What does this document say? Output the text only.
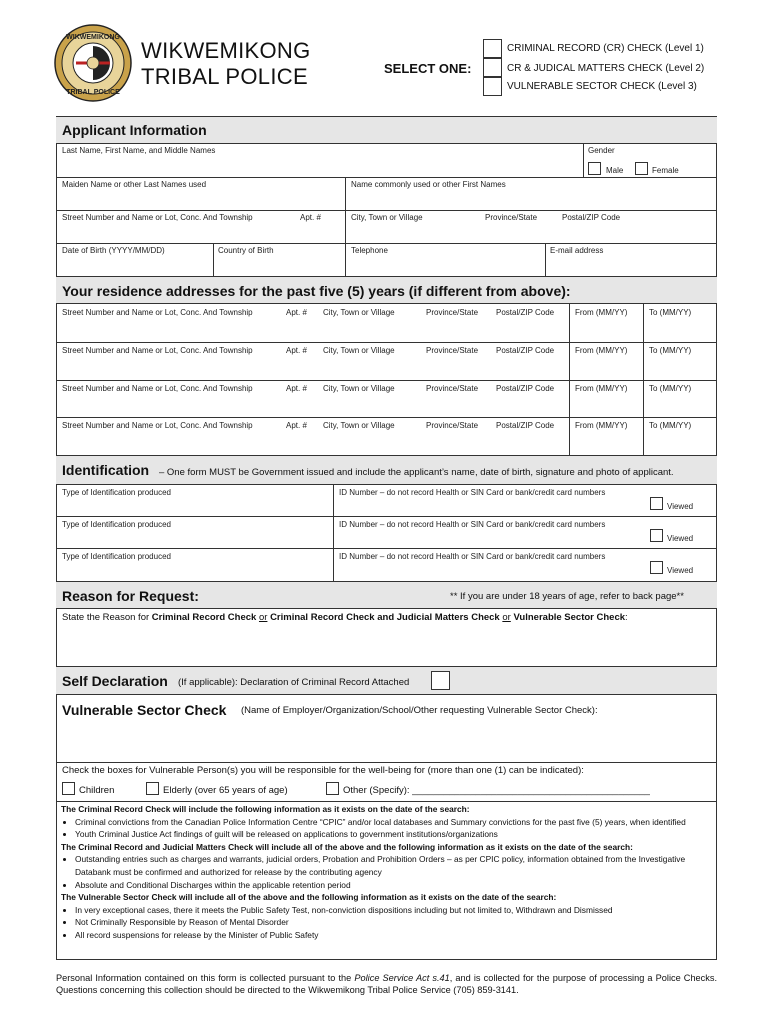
WIKWEMIKONG
TRIBAL POLICE
WIKWEMIKONG
TRIBAL POLICE	SELECT ONE:
CRIMINAL RECORD (CR) CHECK (Level 1)
CR & JUDICAL MATTERS CHECK (Level 2)
VULNERABLE SECTOR CHECK (Level 3)
Applicant Information
Last Name, First Name, and Middle Names	Gender
Male	Female
Maiden Name or other Last Names used	Name commonly used or other First Names
Street Number and Name or Lot, Conc. And Township	Apt. #	City, Town or Village	Province/State	Postal/ZIP Code
Date of Birth (YYYY/MM/DD)	Country of Birth	Telephone	E-mail address
Your residence addresses for the past five (5) years (if different from above):
Street Number and Name or Lot, Conc. And Township	Apt. # City, Town or Village	Province/State Postal/ZIP Code	From (MM/YY)	To (MM/YY)
Street Number and Name or Lot, Conc. And Township	Apt. # City, Town or Village	Province/State Postal/ZIP Code	From (MM/YY)	To (MM/YY)
Street Number and Name or Lot, Conc. And Township	Apt. # City, Town or Village	Province/State Postal/ZIP Code	From (MM/YY)	To (MM/YY)
Street Number and Name or Lot, Conc. And Township	Apt. # City, Town or Village	Province/State Postal/ZIP Code	From (MM/YY)	To (MM/YY)
Identification – One form MUST be Government issued and include the applicant’s name, date of birth, signature and photo of applicant.
Type of Identification produced	ID Number – do not record Health or SIN Card or bank/credit card numbers
Viewed
Type of Identification produced	ID Number – do not record Health or SIN Card or bank/credit card numbers
Viewed
Type of Identification produced	ID Number – do not record Health or SIN Card or bank/credit card numbers
Viewed
Reason for Request:	** If you are under 18 years of age, refer to back page**
State the Reason for Criminal Record Check or Criminal Record Check and Judicial Matters Check or Vulnerable Sector Check:
Self Declaration (If applicable): Declaration of Criminal Record Attached
Vulnerable Sector Check (Name of Employer/Organization/School/Other requesting Vulnerable Sector Check):
Check the boxes for Vulnerable Person(s) you will be responsible for the well-being for (more than one (1) can be indicated):
Children	Elderly (over 65 years of age)	Other (Specify): _____________________________________________
The Criminal Record Check will include the following information as it exists on the date of the search:
• Criminal convictions from the Canadian Police Information Centre “CPIC” and/or local databases and Summary convictions for the past five (5) years, when identified
• Youth Criminal Justice Act findings of guilt will be released on applications to government institutions/organizations
The Criminal Record and Judicial Matters Check will include all of the above and the following information as it exists on the date of the search:
• Outstanding entries such as charges and warrants, judicial orders, Probation and Prohibition Orders – as per CPIC policy, information obtained from the Investigative Databank must be confirmed and authorized for release by the contributing agency
• Absolute and Conditional Discharges within the applicable retention period
The Vulnerable Sector Check will include all of the above and the following information as it exists on the date of the search:
• In very exceptional cases, there it meets the Public Safety Test, non-conviction dispositions including but not limited to, Withdrawn and Dismissed
• Not Criminally Responsible by Reason of Mental Disorder
• All record suspensions for release by the Minister of Public Safety
Personal Information contained on this form is collected pursuant to the Police Service Act s.41, and is collected for the purpose of processing a Police Checks. Questions concerning this collection should be directed to the Wikwemikong Tribal Police Service (705) 859-3141.
